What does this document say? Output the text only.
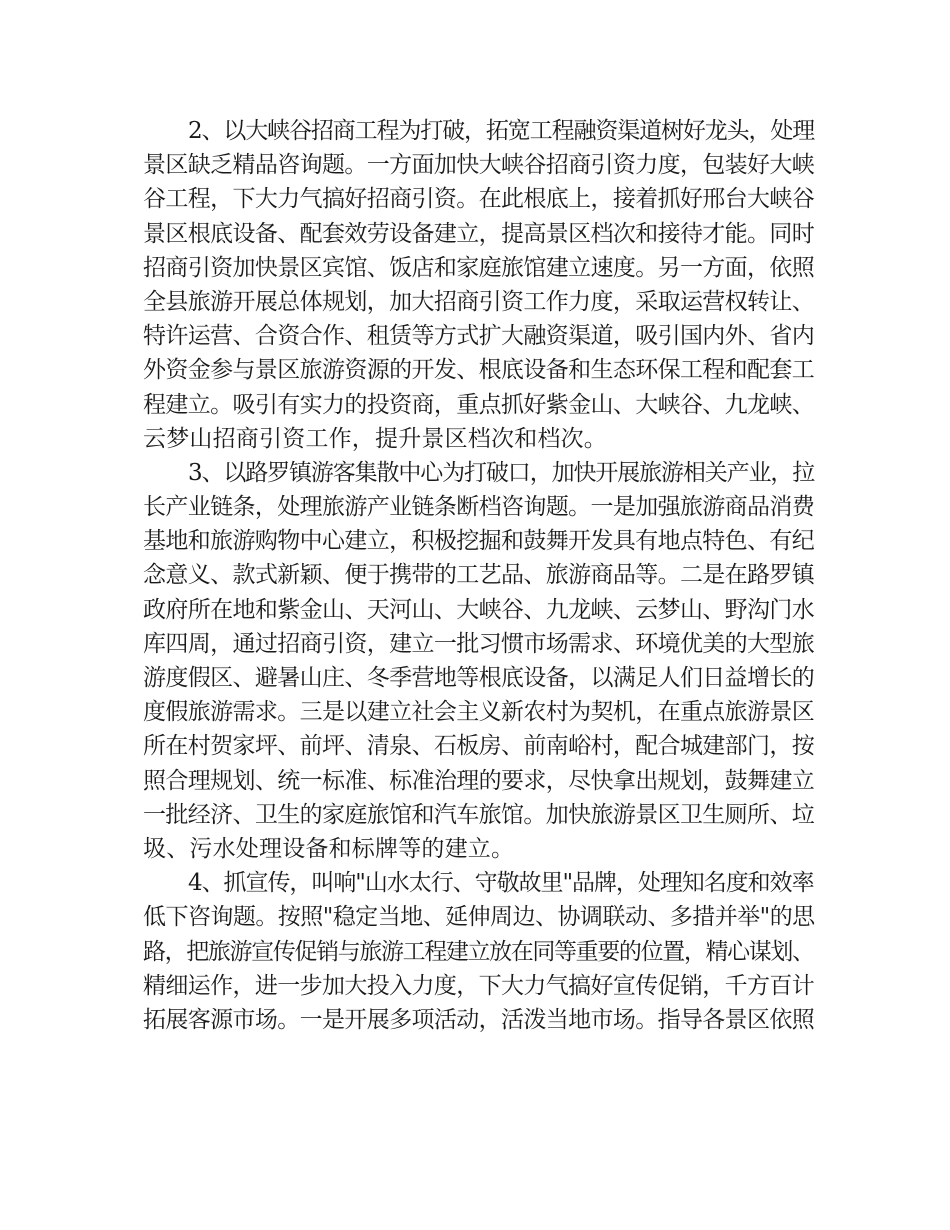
2、以大峡谷招商工程为打破，拓宽工程融资渠道树好龙头，处理
景区缺乏精品咨询题。一方面加快大峡谷招商引资力度，包装好大峡
谷工程，下大力气搞好招商引资。在此根底上，接着抓好邢台大峡谷
景区根底设备、配套效劳设备建立，提高景区档次和接待才能。同时
招商引资加快景区宾馆、饭店和家庭旅馆建立速度。另一方面，依照
全县旅游开展总体规划，加大招商引资工作力度，采取运营权转让、
特许运营、合资合作、租赁等方式扩大融资渠道，吸引国内外、省内
外资金参与景区旅游资源的开发、根底设备和生态环保工程和配套工
程建立。吸引有实力的投资商，重点抓好紫金山、大峡谷、九龙峡、
云梦山招商引资工作，提升景区档次和档次。
3、以路罗镇游客集散中心为打破口，加快开展旅游相关产业，拉
长产业链条，处理旅游产业链条断档咨询题。一是加强旅游商品消费
基地和旅游购物中心建立，积极挖掘和鼓舞开发具有地点特色、有纪
念意义、款式新颖、便于携带的工艺品、旅游商品等。二是在路罗镇
政府所在地和紫金山、天河山、大峡谷、九龙峡、云梦山、野沟门水
库四周，通过招商引资，建立一批习惯市场需求、环境优美的大型旅
游度假区、避暑山庄、冬季营地等根底设备，以满足人们日益增长的
度假旅游需求。三是以建立社会主义新农村为契机，在重点旅游景区
所在村贺家坪、前坪、清泉、石板房、前南峪村，配合城建部门，按
照合理规划、统一标准、标准治理的要求，尽快拿出规划，鼓舞建立
一批经济、卫生的家庭旅馆和汽车旅馆。加快旅游景区卫生厕所、垃
圾、污水处理设备和标牌等的建立。
4、抓宣传，叫响"山水太行、守敬故里"品牌，处理知名度和效率
低下咨询题。按照"稳定当地、延伸周边、协调联动、多措并举"的思
路，把旅游宣传促销与旅游工程建立放在同等重要的位置，精心谋划、
精细运作，进一步加大投入力度，下大力气搞好宣传促销，千方百计
拓展客源市场。一是开展多项活动，活泼当地市场。指导各景区依照
